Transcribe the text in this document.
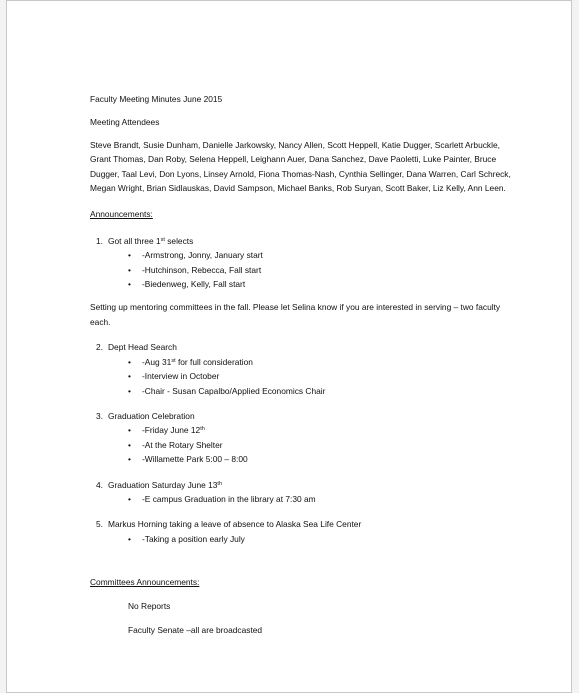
Faculty Meeting Minutes June 2015
Meeting Attendees
Steve Brandt, Susie Dunham, Danielle Jarkowsky, Nancy Allen, Scott Heppell, Katie Dugger, Scarlett Arbuckle, Grant Thomas, Dan Roby, Selena Heppell, Leighann Auer, Dana Sanchez, Dave Paoletti, Luke Painter, Bruce Dugger, Taal Levi, Don Lyons, Linsey Arnold, Fiona Thomas-Nash, Cynthia Sellinger, Dana Warren, Carl Schreck, Megan Wright, Brian Sidlauskas, David Sampson, Michael Banks, Rob Suryan, Scott Baker, Liz Kelly, Ann Leen.
Announcements:
1. Got all three 1st selects
• -Armstrong, Jonny, January start
• -Hutchinson, Rebecca, Fall start
• -Biedenweg, Kelly, Fall start
Setting up mentoring committees in the fall. Please let Selina know if you are interested in serving – two faculty each.
2. Dept Head Search
• -Aug 31st for full consideration
• -Interview in October
• -Chair - Susan Capalbo/Applied Economics Chair
3. Graduation Celebration
• -Friday June 12th
• -At the Rotary Shelter
• -Willamette Park 5:00 – 8:00
4. Graduation Saturday June 13th
• -E campus Graduation in the library at 7:30 am
5. Markus Horning taking a leave of absence to Alaska Sea Life Center
• -Taking a position early July
Committees Announcements:
No Reports
Faculty Senate –all are broadcasted
